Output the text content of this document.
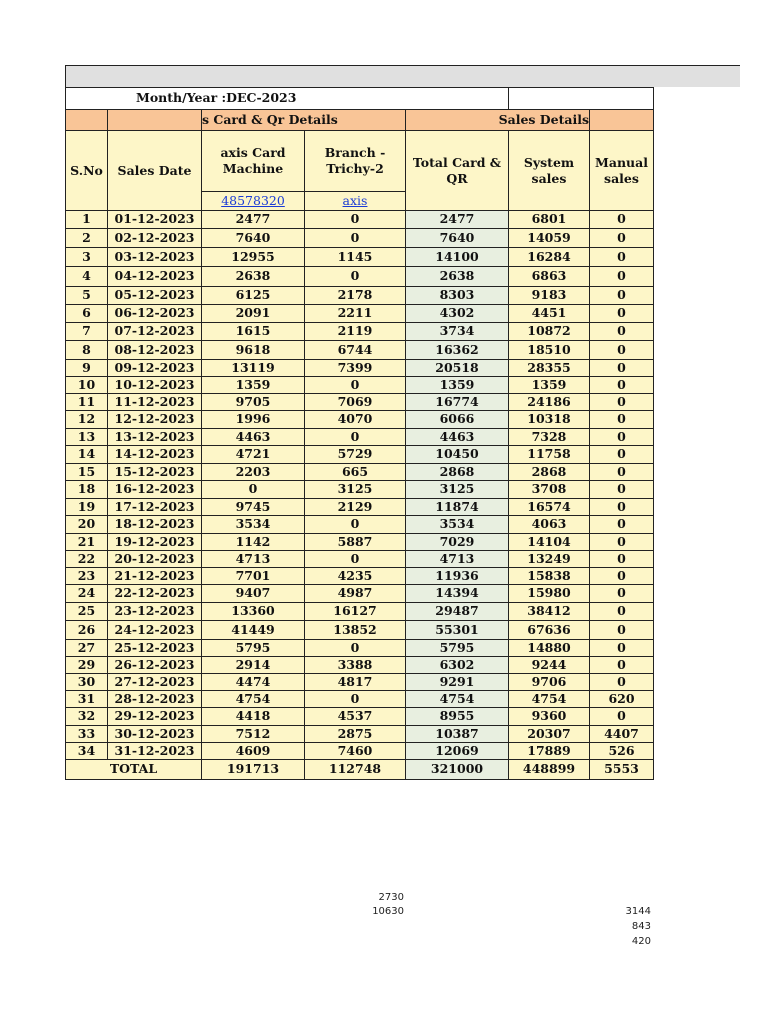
Month/Year :DEC-2023						
		s Card & Qr Details		Sales Details		
S.No	Sales Date	axis Card Machine	Branch - Trichy-2	Total Card & QR	System sales	Manual sales
		48578320	axis			
1	01-12-2023	2477	0	2477	6801	0
2	02-12-2023	7640	0	7640	14059	0
3	03-12-2023	12955	1145	14100	16284	0
4	04-12-2023	2638	0	2638	6863	0
5	05-12-2023	6125	2178	8303	9183	0
6	06-12-2023	2091	2211	4302	4451	0
7	07-12-2023	1615	2119	3734	10872	0
8	08-12-2023	9618	6744	16362	18510	0
9	09-12-2023	13119	7399	20518	28355	0
10	10-12-2023	1359	0	1359	1359	0
11	11-12-2023	9705	7069	16774	24186	0
12	12-12-2023	1996	4070	6066	10318	0
13	13-12-2023	4463	0	4463	7328	0
14	14-12-2023	4721	5729	10450	11758	0
15	15-12-2023	2203	665	2868	2868	0
18	16-12-2023	0	3125	3125	3708	0
19	17-12-2023	9745	2129	11874	16574	0
20	18-12-2023	3534	0	3534	4063	0
21	19-12-2023	1142	5887	7029	14104	0
22	20-12-2023	4713	0	4713	13249	0
23	21-12-2023	7701	4235	11936	15838	0
24	22-12-2023	9407	4987	14394	15980	0
25	23-12-2023	13360	16127	29487	38412	0
26	24-12-2023	41449	13852	55301	67636	0
27	25-12-2023	5795	0	5795	14880	0
29	26-12-2023	2914	3388	6302	9244	0
30	27-12-2023	4474	4817	9291	9706	0
31	28-12-2023	4754	0	4754	4754	620
32	29-12-2023	4418	4537	8955	9360	0
33	30-12-2023	7512	2875	10387	20307	4407
34	31-12-2023	4609	7460	12069	17889	526
TOTAL		191713	112748	321000	448899	5553
2730
10630	3144
843
420
